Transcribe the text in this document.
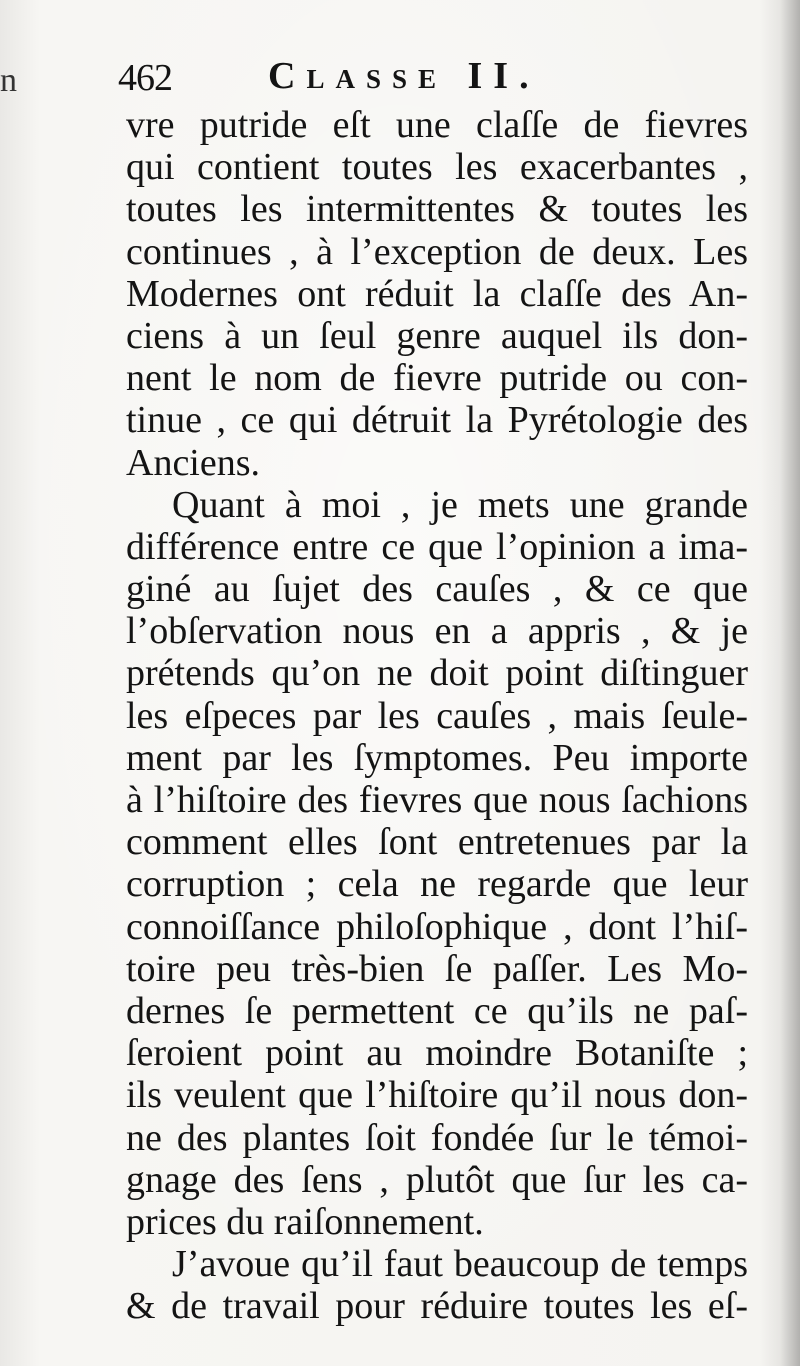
n	462	Classe II.
vre putride eſt une claſſe de fievres
qui contient toutes les exacerbantes ,
toutes les intermittentes & toutes les
continues , à l’exception de deux. Les
Modernes ont réduit la claſſe des An-
ciens à un ſeul genre auquel ils don-
nent le nom de fievre putride ou con-
tinue , ce qui détruit la Pyrétologie des
Anciens.
Quant à moi , je mets une grande
différence entre ce que l’opinion a ima-
giné au ſujet des cauſes , & ce que
l’obſervation nous en a appris , & je
prétends qu’on ne doit point diſtinguer
les eſpeces par les cauſes , mais ſeule-
ment par les ſymptomes. Peu importe
à l’hiſtoire des fievres que nous ſachions
comment elles ſont entretenues par la
corruption ; cela ne regarde que leur
connoiſſance philoſophique , dont l’hiſ-
toire peu très-bien ſe paſſer. Les Mo-
dernes ſe permettent ce qu’ils ne paſ-
ſeroient point au moindre Botaniſte ;
ils veulent que l’hiſtoire qu’il nous don-
ne des plantes ſoit fondée ſur le témoi-
gnage des ſens , plutôt que ſur les ca-
prices du raiſonnement.
J’avoue qu’il faut beaucoup de temps
& de travail pour réduire toutes les eſ-
